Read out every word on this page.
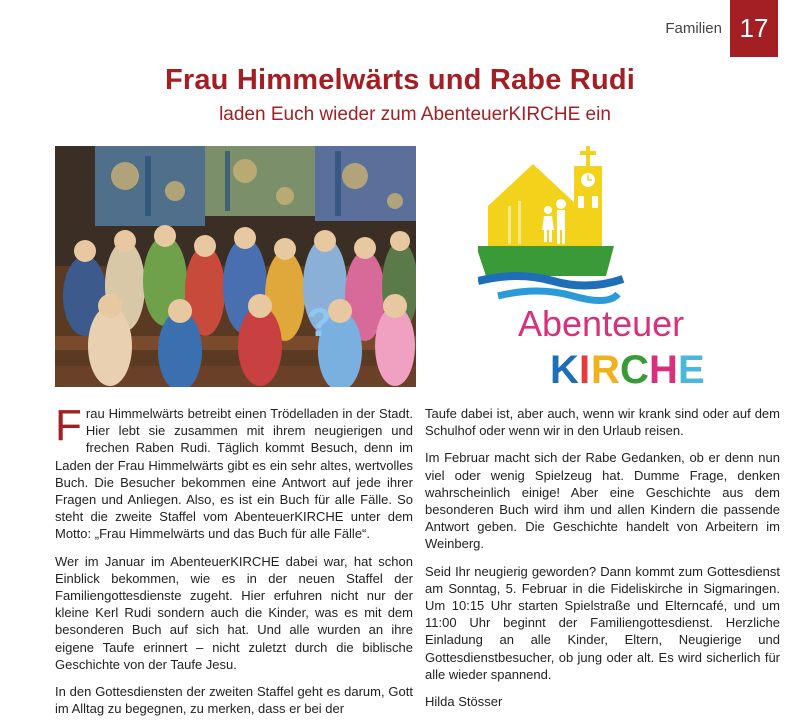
Familien 17
Frau Himmelwärts und Rabe Rudi
laden Euch wieder zum AbenteuerKIRCHE ein
?	Abenteuer
K I R C H E

Frau Himmelwärts betreibt einen Trödelladen in der Stadt. Hier lebt sie zusammen mit ihrem neugierigen und frechen Raben Rudi. Täglich kommt Besuch, denn im Laden der Frau Himmelwärts gibt es ein sehr altes, wertvolles Buch. Die Besucher bekommen eine Antwort auf jede ihrer Fragen und Anliegen. Also, es ist ein Buch für alle Fälle. So steht die zweite Staffel vom AbenteuerKIRCHE unter dem Motto: „Frau Himmelwärts und das Buch für alle Fälle“.

Wer im Januar im AbenteuerKIRCHE dabei war, hat schon Einblick bekommen, wie es in der neuen Staffel der Familiengottesdienste zugeht. Hier erfuhren nicht nur der kleine Kerl Rudi sondern auch die Kinder, was es mit dem besonderen Buch auf sich hat. Und alle wurden an ihre eigene Taufe erinnert – nicht zuletzt durch die biblische Geschichte von der Taufe Jesu.

In den Gottesdiensten der zweiten Staffel geht es darum, Gott im Alltag zu begegnen, zu merken, dass er bei der

Taufe dabei ist, aber auch, wenn wir krank sind oder auf dem Schulhof oder wenn wir in den Urlaub reisen.

Im Februar macht sich der Rabe Gedanken, ob er denn nun viel oder wenig Spielzeug hat. Dumme Frage, denken wahrscheinlich einige! Aber eine Geschichte aus dem besonderen Buch wird ihm und allen Kindern die passende Antwort geben. Die Geschichte handelt von Arbeitern im Weinberg.

Seid Ihr neugierig geworden? Dann kommt zum Gottesdienst am Sonntag, 5. Februar in die Fideliskirche in Sigmaringen. Um 10:15 Uhr starten Spielstraße und Elterncafé, und um 11:00 Uhr beginnt der Familiengottesdienst. Herzliche Einladung an alle Kinder, Eltern, Neugierige und Gottesdienstbesucher, ob jung oder alt. Es wird sicherlich für alle wieder spannend.

Hilda Stösser
